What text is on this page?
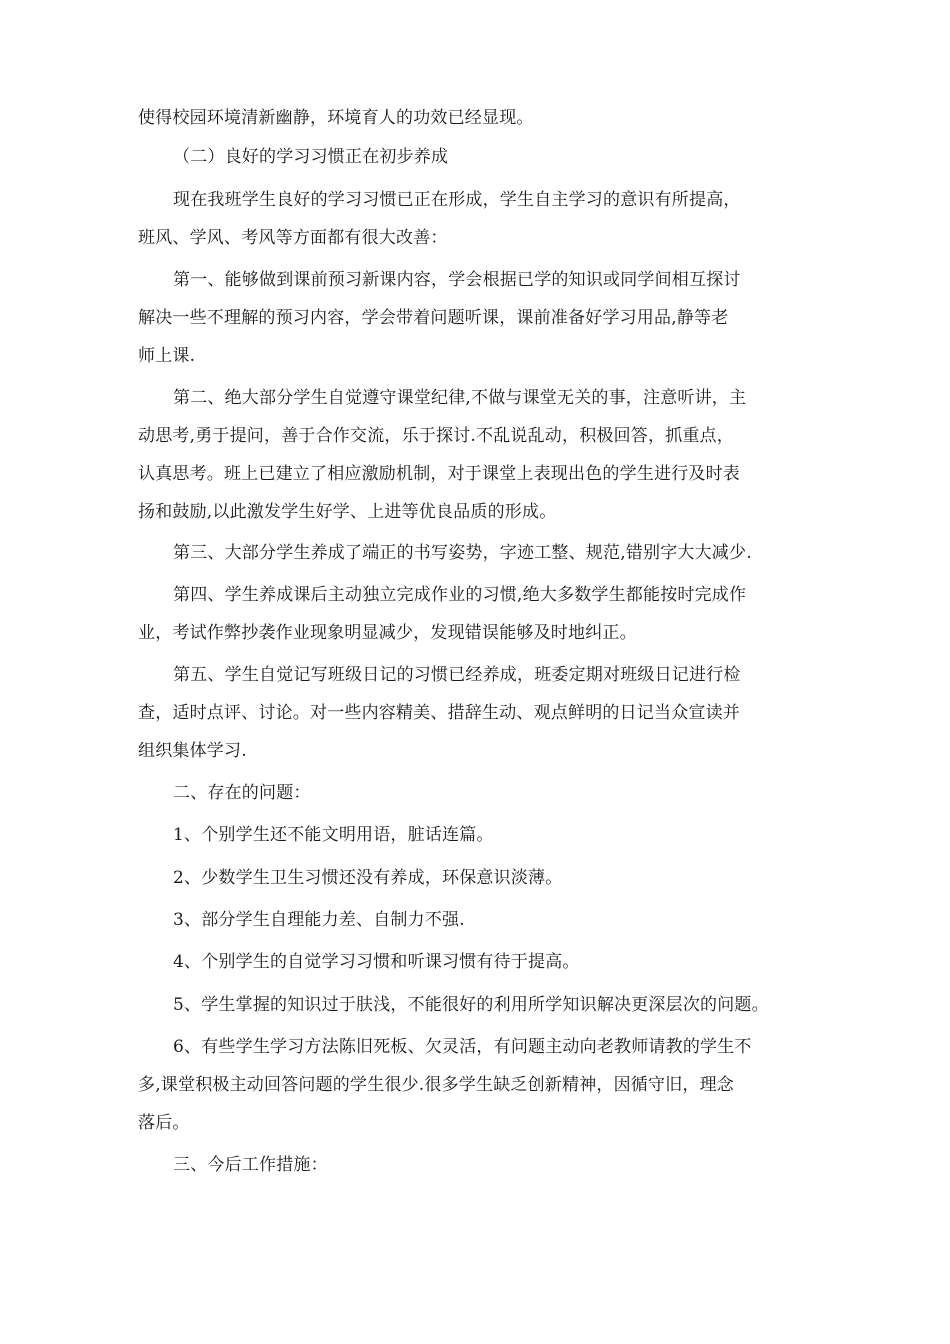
使得校园环境清新幽静，环境育人的功效已经显现。
（二）良好的学习习惯正在初步养成
现在我班学生良好的学习习惯已正在形成，学生自主学习的意识有所提高，
班风、学风、考风等方面都有很大改善：
第一、能够做到课前预习新课内容，学会根据已学的知识或同学间相互探讨
解决一些不理解的预习内容，学会带着问题听课，课前准备好学习用品,静等老
师上课.
第二、绝大部分学生自觉遵守课堂纪律,不做与课堂无关的事，注意听讲，主
动思考,勇于提问，善于合作交流，乐于探讨.不乱说乱动，积极回答，抓重点，
认真思考。班上已建立了相应激励机制，对于课堂上表现出色的学生进行及时表
扬和鼓励,以此激发学生好学、上进等优良品质的形成。
第三、大部分学生养成了端正的书写姿势，字迹工整、规范,错别字大大减少.
第四、学生养成课后主动独立完成作业的习惯,绝大多数学生都能按时完成作
业，考试作弊抄袭作业现象明显减少，发现错误能够及时地纠正。
第五、学生自觉记写班级日记的习惯已经养成，班委定期对班级日记进行检
查，适时点评、讨论。对一些内容精美、措辞生动、观点鲜明的日记当众宣读并
组织集体学习.
二、存在的问题：
1、个别学生还不能文明用语，脏话连篇。
2、少数学生卫生习惯还没有养成，环保意识淡薄。
3、部分学生自理能力差、自制力不强.
4、个别学生的自觉学习习惯和听课习惯有待于提高。
5、学生掌握的知识过于肤浅，不能很好的利用所学知识解决更深层次的问题。
6、有些学生学习方法陈旧死板、欠灵活，有问题主动向老教师请教的学生不
多,课堂积极主动回答问题的学生很少.很多学生缺乏创新精神，因循守旧，理念
落后。
三、今后工作措施：
